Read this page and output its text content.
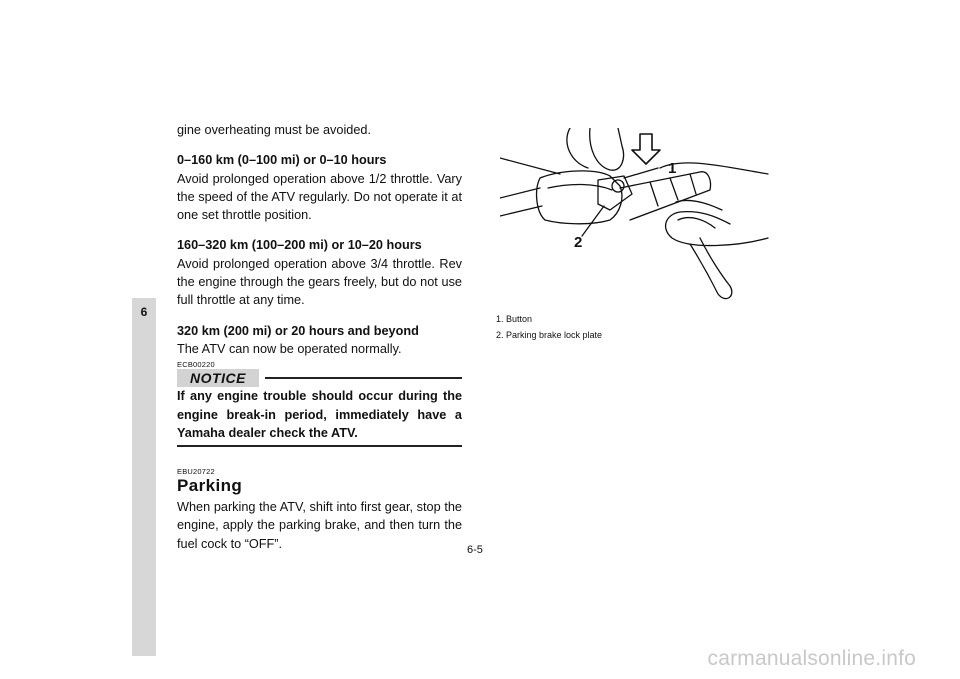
6

gine overheating must be avoided.

0–160 km (0–100 mi) or 0–10 hours

Avoid prolonged operation above 1/2 throttle. Vary the speed of the ATV regularly. Do not operate it at one set throttle position.

160–320 km (100–200 mi) or 10–20 hours

Avoid prolonged operation above 3/4 throttle. Rev the engine through the gears freely, but do not use full throttle at any time.

320 km (200 mi) or 20 hours and beyond

The ATV can now be operated normally.

ECB00220

NOTICE

If any engine trouble should occur during the engine break-in period, immediately have a Yamaha dealer check the ATV.

EBU20722

Parking

When parking the ATV, shift into first gear, stop the engine, apply the parking brake, and then turn the fuel cock to “OFF”.

1
2
1. Button
2. Parking brake lock plate
6-5
carmanualsonline.info
